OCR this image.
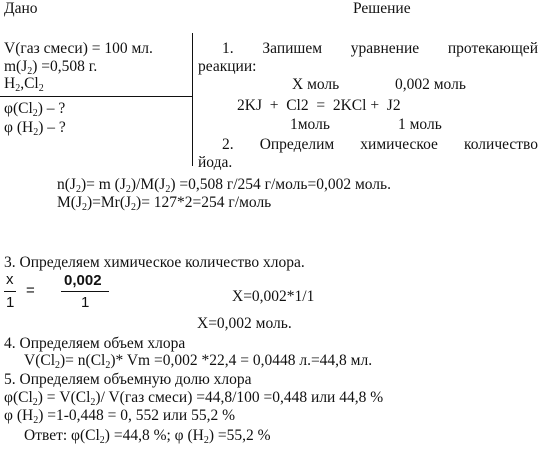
Дано	Решение
V(газ смеси) = 100 мл.
$m(J_2) =0,508$ г.
$H_2,Cl_2$
$\varphi(Cl_2)$ – ?
φ $(H_2)$ – ?
1. Запишем уравнение протекающей
реакции:
X моль	0,002 моль
2KJ  +  Cl2  =  2KCl +  J2
1моль	1 моль
2. Определим химическое количество
йода.
$n(J_2)= m$ $(J_2)/M(J_2) =0,508$ г/254 г/моль=0,002 моль.
$M(J_2)=Mr(J_2)= 127*2=254$ г/моль
3. Определяем химическое количество хлора.
x
1
=
0,002
1	X=0,002*1/1
X=0,002 моль.
4. Определяем объем хлора
$V(Cl_2)= n(Cl_2)*$ Vm =0,002 *22,4 = 0,0448 л.=44,8 мл.
5. Определяем объемную долю хлора
$\varphi(Cl_2) = V(Cl_2)/$ V(газ смеси) =44,8/100 =0,448 или 44,8 %
φ $(H_2) =1-0,448 = 0$, 552 или 55,2 %
Ответ: $\varphi(Cl_2) =44,8$ %; φ $(H_2) =55,2$ %
